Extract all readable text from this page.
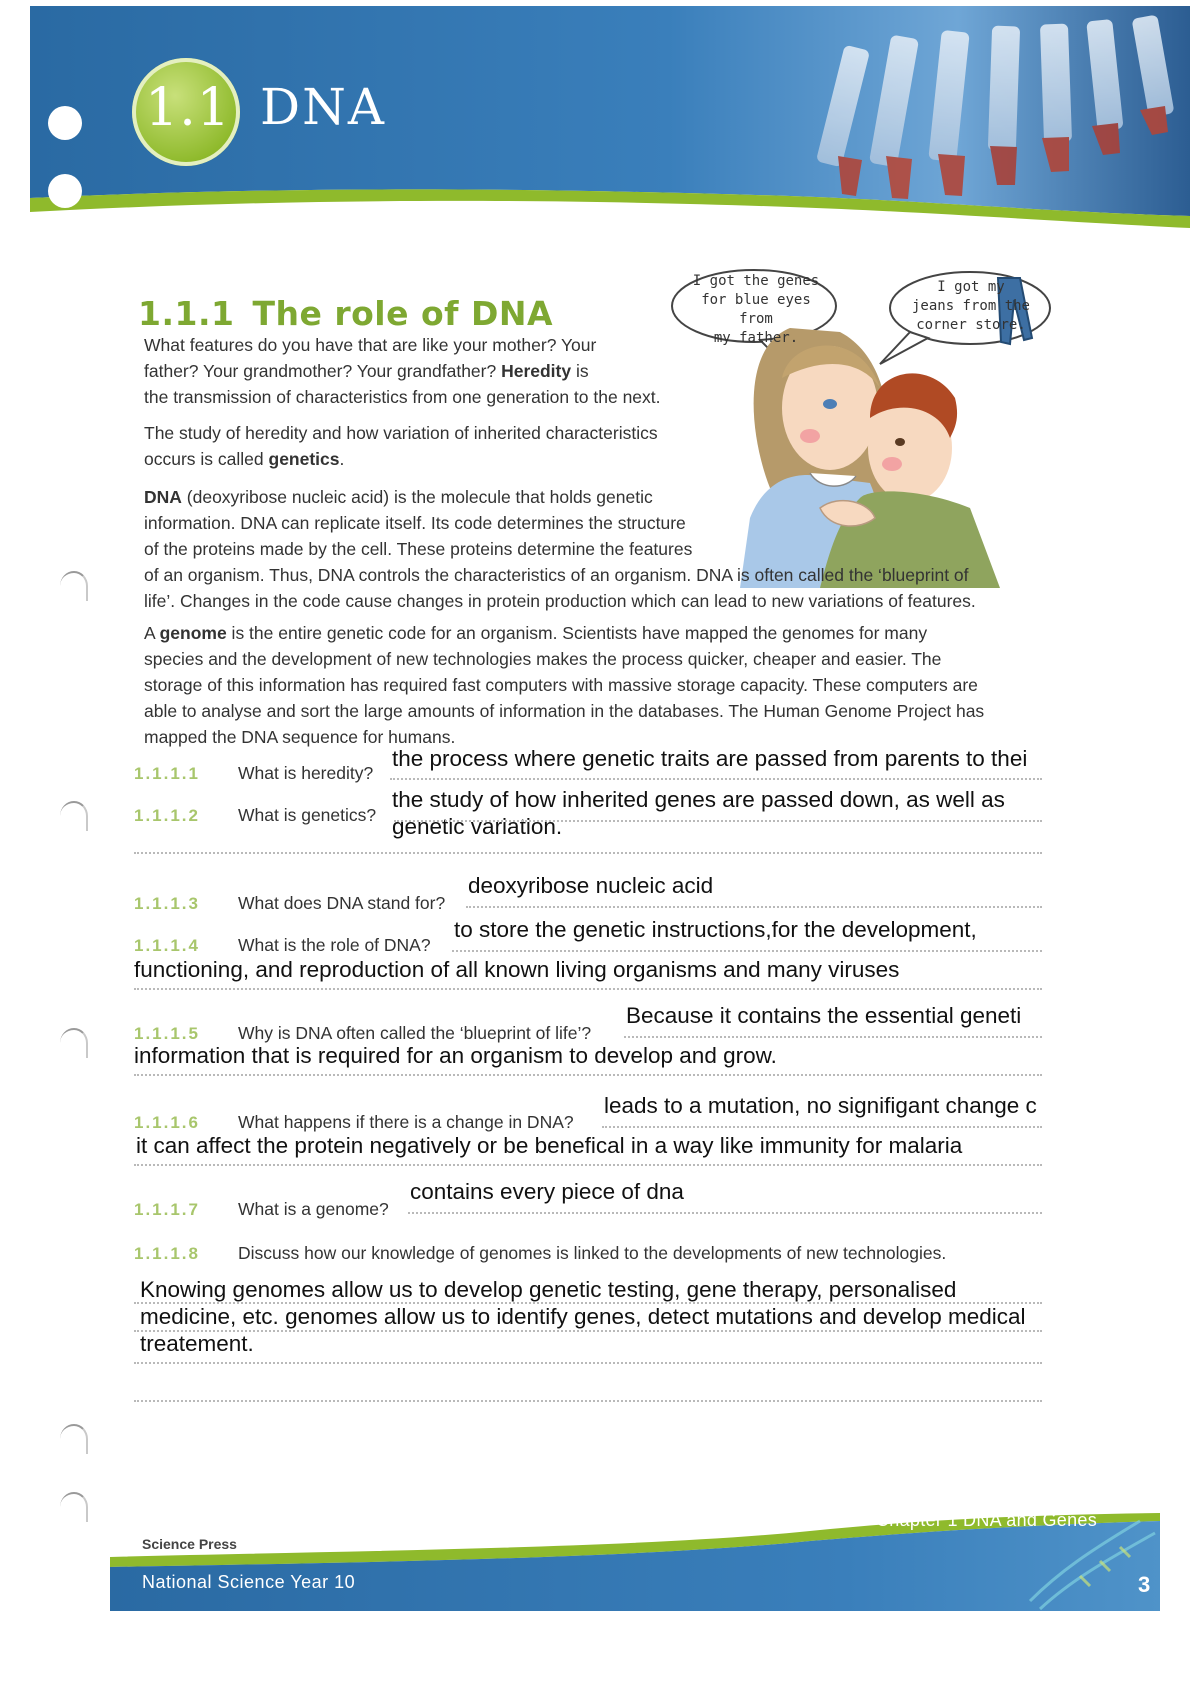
1.1 DNA
1.1.1 The role of DNA
I got the genes
for blue eyes from
my father.
I got my
jeans from the
corner store.
What features do you have that are like your mother? Your
father? Your grandmother? Your grandfather? Heredity is
the transmission of characteristics from one generation to the next.
The study of heredity and how variation of inherited characteristics
occurs is called genetics.
DNA (deoxyribose nucleic acid) is the molecule that holds genetic
information. DNA can replicate itself. Its code determines the structure
of the proteins made by the cell. These proteins determine the features
of an organism. Thus, DNA controls the characteristics of an organism. DNA is often called the ‘blueprint of
life’. Changes in the code cause changes in protein production which can lead to new variations of features.
A genome is the entire genetic code for an organism. Scientists have mapped the genomes for many
species and the development of new technologies makes the process quicker, cheaper and easier. The
storage of this information has required fast computers with massive storage capacity. These computers are
able to analyse and sort the large amounts of information in the databases. The Human Genome Project has
mapped the DNA sequence for humans.
1.1.1.1 What is heredity?
the process where genetic traits are passed from parents to thei
1.1.1.2 What is genetics?
the study of how inherited genes are passed down, as well as
genetic variation.
1.1.1.3 What does DNA stand for?
deoxyribose nucleic acid
1.1.1.4 What is the role of DNA?
to store the genetic instructions,for the development,
functioning, and reproduction of all known living organisms and many viruses
1.1.1.5 Why is DNA often called the ‘blueprint of life’?
Because it contains the essential geneti
information that is required for an organism to develop and grow.
1.1.1.6 What happens if there is a change in DNA?
leads to a mutation, no signifigant change c
it can affect the protein negatively or be benefical in a way like immunity for malaria
1.1.1.7 What is a genome?
contains every piece of dna
1.1.1.8 Discuss how our knowledge of genomes is linked to the developments of new technologies.
Knowing genomes allow us to develop genetic testing, gene therapy, personalised
medicine, etc. genomes allow us to identify genes, detect mutations and develop medical
treatement.
Science Press
National Science Year 10
Chapter 1 DNA and Genes
3
